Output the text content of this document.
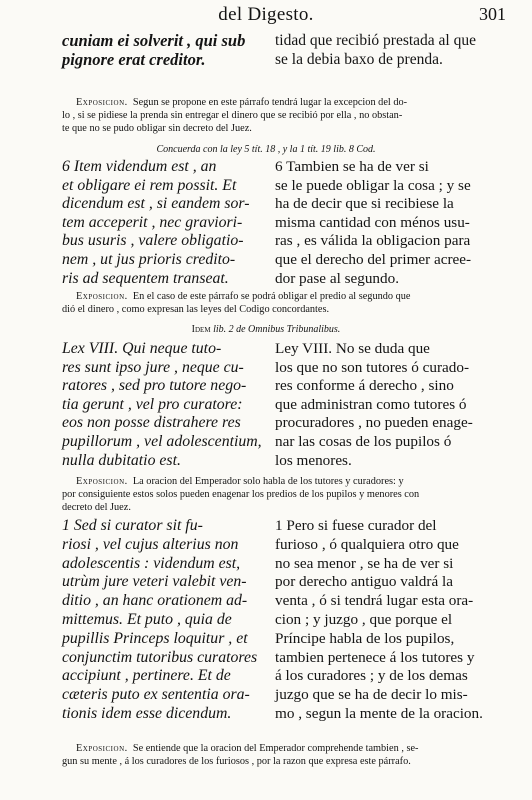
del Digesto.	301
cuniam ei solverit , qui sub
pignore erat creditor.
tidad que recibió prestada al que
se la debia baxo de prenda.
Exposicion. Segun se propone en este párrafo tendrá lugar la excepcion del do-
lo , si se pidiese la prenda sin entregar el dinero que se recibió por ella , no obstan-
te que no se pudo obligar sin decreto del Juez.
Concuerda con la ley 5 tít. 18 , y la 1 tít. 19 lib. 8 Cod.
6 Item videndum est , an
et obligare ei rem possit. Et
dicendum est , si eandem sor-
tem acceperit , nec graviori-
bus usuris , valere obligatio-
nem , ut jus prioris credito-
ris ad sequentem transeat.
6 Tambien se ha de ver si
se le puede obligar la cosa ; y se
ha de decir que si recibiese la
misma cantidad con ménos usu-
ras , es válida la obligacion para
que el derecho del primer acree-
dor pase al segundo.
Exposicion. En el caso de este párrafo se podrá obligar el predio al segundo que
dió el dinero , como expresan las leyes del Codigo concordantes.
Idem lib. 2 de Omnibus Tribunalibus.
Lex VIII. Qui neque tuto-
res sunt ipso jure , neque cu-
ratores , sed pro tutore nego-
tia gerunt , vel pro curatore:
eos non posse distrahere res
pupillorum , vel adolescentium,
nulla dubitatio est.
Ley VIII. No se duda que
los que no son tutores ó curado-
res conforme á derecho , sino
que administran como tutores ó
procuradores , no pueden enage-
nar las cosas de los pupilos ó
los menores.
Exposicion. La oracion del Emperador solo habla de los tutores y curadores: y
por consiguiente estos solos pueden enagenar los predios de los pupilos y menores con
decreto del Juez.
1 Sed si curator sit fu-
riosi , vel cujus alterius non
adolescentis : videndum est,
utrùm jure veteri valebit ven-
ditio , an hanc orationem ad-
mittemus. Et puto , quia de
pupillis Princeps loquitur , et
conjunctim tutoribus curatores
accipiunt , pertinere. Et de
cæteris puto ex sententia ora-
tionis idem esse dicendum.
1 Pero si fuese curador del
furioso , ó qualquiera otro que
no sea menor , se ha de ver si
por derecho antiguo valdrá la
venta , ó si tendrá lugar esta ora-
cion ; y juzgo , que porque el
Príncipe habla de los pupilos,
tambien pertenece á los tutores y
á los curadores ; y de los demas
juzgo que se ha de decir lo mis-
mo , segun la mente de la oracion.
Exposicion. Se entiende que la oracion del Emperador comprehende tambien , se-
gun su mente , á los curadores de los furiosos , por la razon que expresa este párrafo.
